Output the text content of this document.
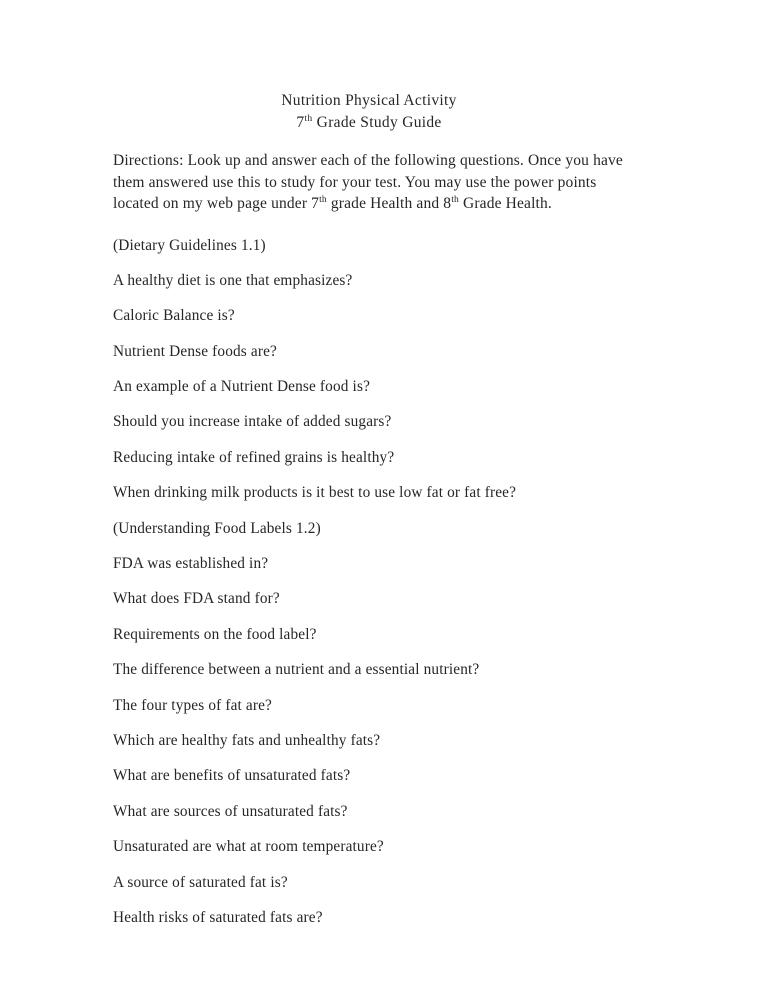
Nutrition Physical Activity
7th Grade Study Guide

Directions: Look up and answer each of the following questions. Once you have them answered use this to study for your test. You may use the power points located on my web page under 7th grade Health and 8th Grade Health.

(Dietary Guidelines 1.1)

A healthy diet is one that emphasizes?

Caloric Balance is?

Nutrient Dense foods are?

An example of a Nutrient Dense food is?

Should you increase intake of added sugars?

Reducing intake of refined grains is healthy?

When drinking milk products is it best to use low fat or fat free?

(Understanding Food Labels 1.2)

FDA was established in?

What does FDA stand for?

Requirements on the food label?

The difference between a nutrient and a essential nutrient?

The four types of fat are?

Which are healthy fats and unhealthy fats?

What are benefits of unsaturated fats?

What are sources of unsaturated fats?

Unsaturated are what at room temperature?

A source of saturated fat is?

Health risks of saturated fats are?
